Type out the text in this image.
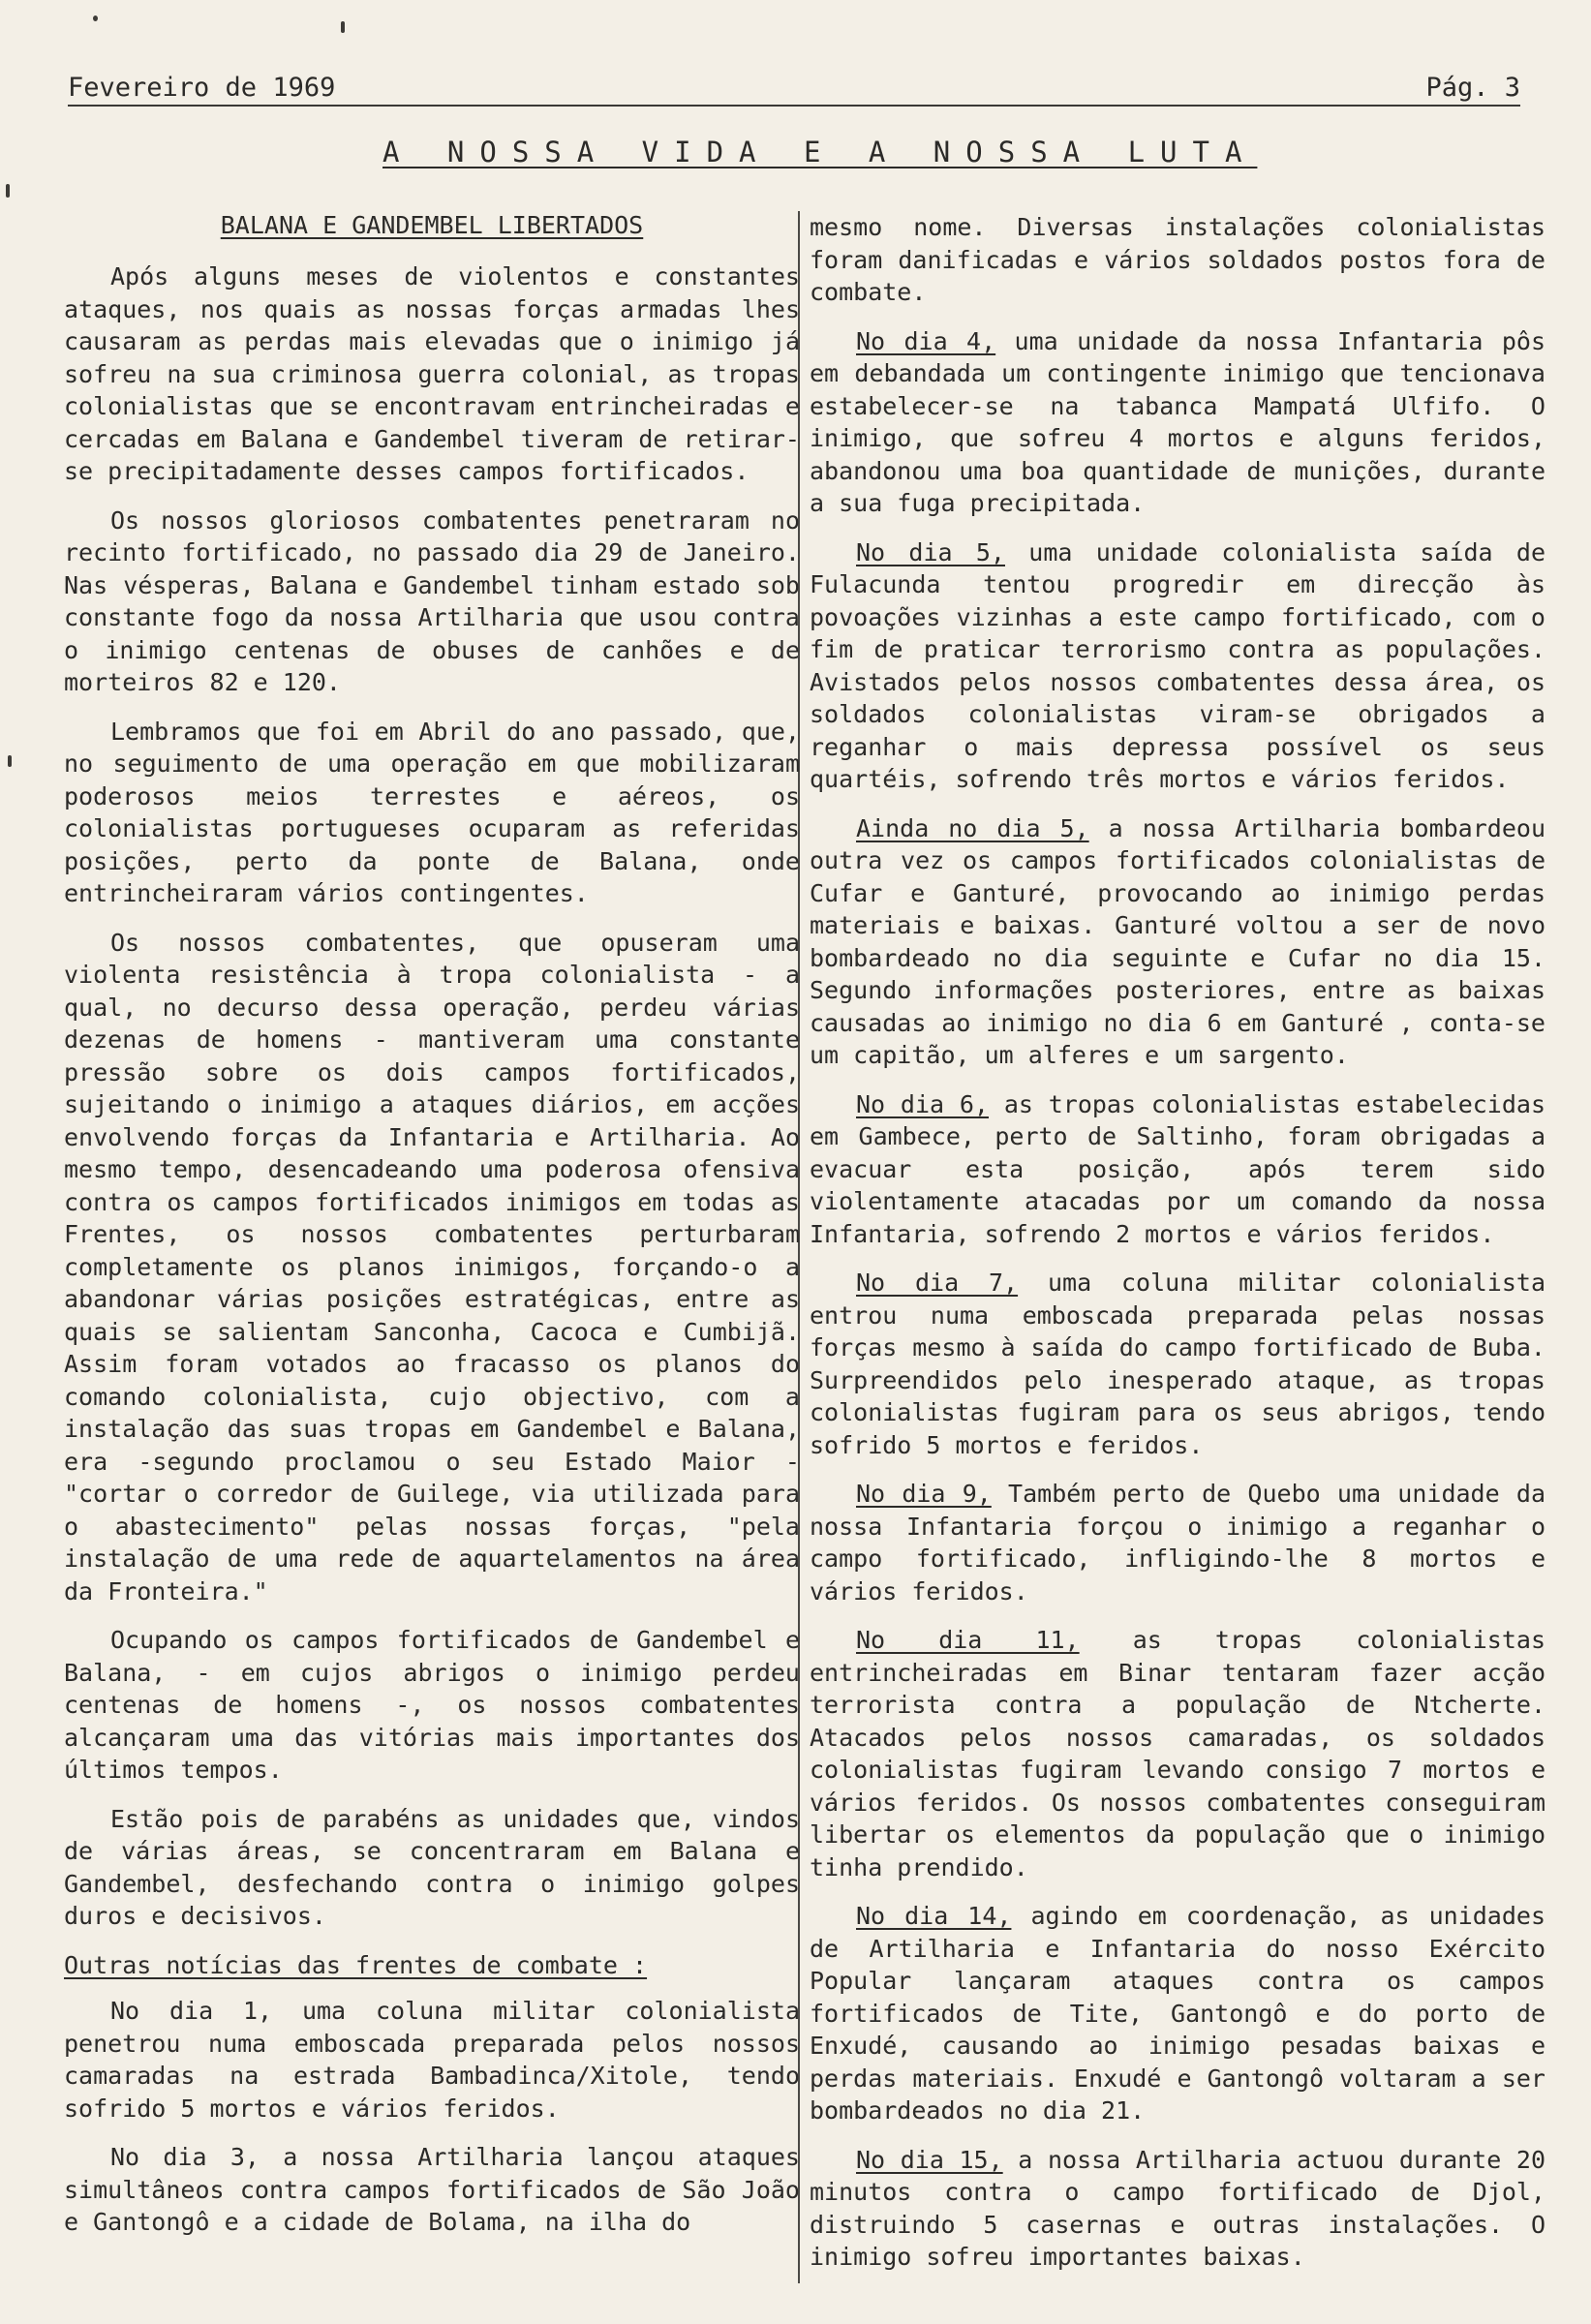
Fevereiro de 1969	Pág. 3
A NOSSA VIDA E A NOSSA LUTA
BALANA E GANDEMBEL LIBERTADOS

Após alguns meses de violentos e constantes ataques, nos quais as nossas forças armadas lhes causaram as perdas mais elevadas que o inimigo já sofreu na sua criminosa guerra colonial, as tropas colonialistas que se encontravam entrincheiradas e cercadas em Balana e Gandembel tiveram de retirar-se precipitadamente desses campos fortificados.

Os nossos gloriosos combatentes penetraram no recinto fortificado, no passado dia 29 de Janeiro. Nas vésperas, Balana e Gandembel tinham estado sob constante fogo da nossa Artilharia que usou contra o inimigo centenas de obuses de canhões e de morteiros 82 e 120.

Lembramos que foi em Abril do ano passado, que, no seguimento de uma operação em que mobilizaram poderosos meios terrestes e aéreos, os colonialistas portugueses ocuparam as referidas posições, perto da ponte de Balana, onde entrincheiraram vários contingentes.

Os nossos combatentes, que opuseram uma violenta resistência à tropa colonialista - a qual, no decurso dessa operação, perdeu várias dezenas de homens - mantiveram uma constante pressão sobre os dois campos fortificados, sujeitando o inimigo a ataques diários, em acções envolvendo forças da Infantaria e Artilharia. Ao mesmo tempo, desencadeando uma poderosa ofensiva contra os campos fortificados inimigos em todas as Frentes, os nossos combatentes perturbaram completamente os planos inimigos, forçando-o a abandonar várias posições estratégicas, entre as quais se salientam Sanconha, Cacoca e Cumbijã. Assim foram votados ao fracasso os planos do comando colonialista, cujo objectivo, com a instalação das suas tropas em Gandembel e Balana, era -segundo proclamou o seu Estado Maior - "cortar o corredor de Guilege, via utilizada para o abastecimento" pelas nossas forças, "pela instalação de uma rede de aquartelamentos na área da Fronteira."

Ocupando os campos fortificados de Gandembel e Balana, - em cujos abrigos o inimigo perdeu centenas de homens -, os nossos combatentes alcançaram uma das vitórias mais importantes dos últimos tempos.

Estão pois de parabéns as unidades que, vindos de várias áreas, se concentraram em Balana e Gandembel, desfechando contra o inimigo golpes duros e decisivos.

Outras notícias das frentes de combate :

No dia 1, uma coluna militar colonialista penetrou numa emboscada preparada pelos nossos camaradas na estrada Bambadinca/Xitole, tendo sofrido 5 mortos e vários feridos.

No dia 3, a nossa Artilharia lançou ataques simultâneos contra campos fortificados de São João e Gantongô e a cidade de Bolama, na ilha do

mesmo nome. Diversas instalações colonialistas foram danificadas e vários soldados postos fora de combate.

No dia 4, uma unidade da nossa Infantaria pôs em debandada um contingente inimigo que tencionava estabelecer-se na tabanca Mampatá Ulfifo. O inimigo, que sofreu 4 mortos e alguns feridos, abandonou uma boa quantidade de munições, durante a sua fuga precipitada.

No dia 5, uma unidade colonialista saída de Fulacunda tentou progredir em direcção às povoações vizinhas a este campo fortificado, com o fim de praticar terrorismo contra as populações. Avistados pelos nossos combatentes dessa área, os soldados colonialistas viram-se obrigados a reganhar o mais depressa possível os seus quartéis, sofrendo três mortos e vários feridos.

Ainda no dia 5, a nossa Artilharia bombardeou outra vez os campos fortificados colonialistas de Cufar e Ganturé, provocando ao inimigo perdas materiais e baixas. Ganturé voltou a ser de novo bombardeado no dia seguinte e Cufar no dia 15. Segundo informações posteriores, entre as baixas causadas ao inimigo no dia 6 em Ganturé , conta-se um capitão, um alferes e um sargento.

No dia 6, as tropas colonialistas estabelecidas em Gambece, perto de Saltinho, foram obrigadas a evacuar esta posição, após terem sido violentamente atacadas por um comando da nossa Infantaria, sofrendo 2 mortos e vários feridos.

No dia 7, uma coluna militar colonialista entrou numa emboscada preparada pelas nossas forças mesmo à saída do campo fortificado de Buba. Surpreendidos pelo inesperado ataque, as tropas colonialistas fugiram para os seus abrigos, tendo sofrido 5 mortos e feridos.

No dia 9, Também perto de Quebo uma unidade da nossa Infantaria forçou o inimigo a reganhar o campo fortificado, infligindo-lhe 8 mortos e vários feridos.

No dia 11, as tropas colonialistas entrincheiradas em Binar tentaram fazer acção terrorista contra a população de Ntcherte. Atacados pelos nossos camaradas, os soldados colonialistas fugiram levando consigo 7 mortos e vários feridos. Os nossos combatentes conseguiram libertar os elementos da população que o inimigo tinha prendido.

No dia 14, agindo em coordenação, as unidades de Artilharia e Infantaria do nosso Exército Popular lançaram ataques contra os campos fortificados de Tite, Gantongô e do porto de Enxudé, causando ao inimigo pesadas baixas e perdas materiais. Enxudé e Gantongô voltaram a ser bombardeados no dia 21.

No dia 15, a nossa Artilharia actuou durante 20 minutos contra o campo fortificado de Djol, distruindo 5 casernas e outras instalações. O inimigo sofreu importantes baixas.
